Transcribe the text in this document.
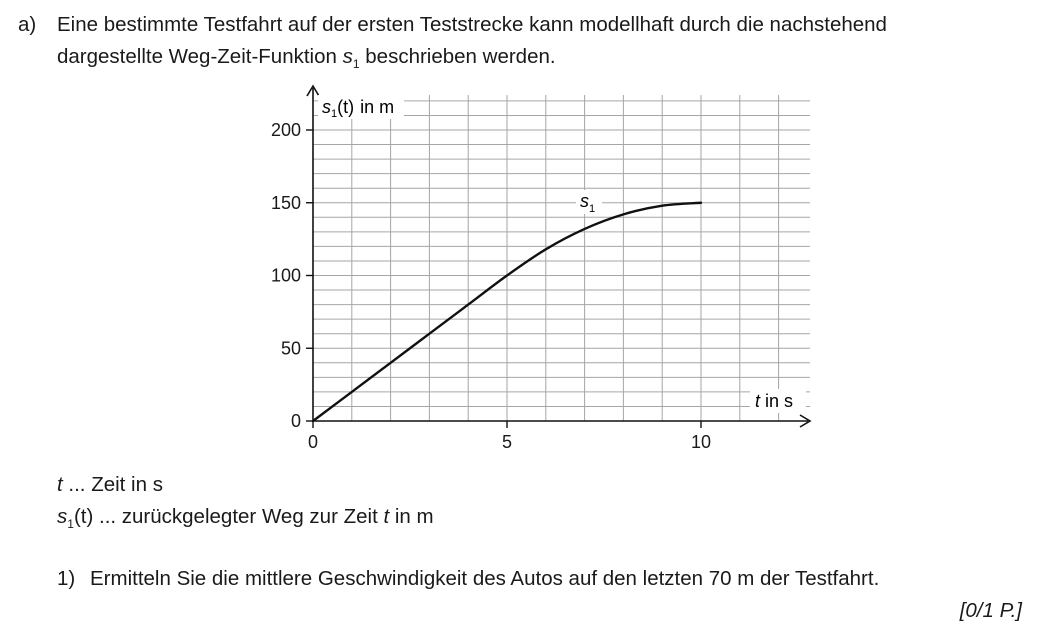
a) Eine bestimmte Testfahrt auf der ersten Teststrecke kann modellhaft durch die nachstehend
dargestellte Weg-Zeit-Funktion $s_1$ beschrieben werden.
0
50
100
150
200
0	5	10
$s_1(t)$ in m
t in s
$s_1$
t ... Zeit in s
$s_1(t)$ ... zurückgelegter Weg zur Zeit t in m
1) Ermitteln Sie die mittlere Geschwindigkeit des Autos auf den letzten 70 m der Testfahrt.
[0/1 P.]
